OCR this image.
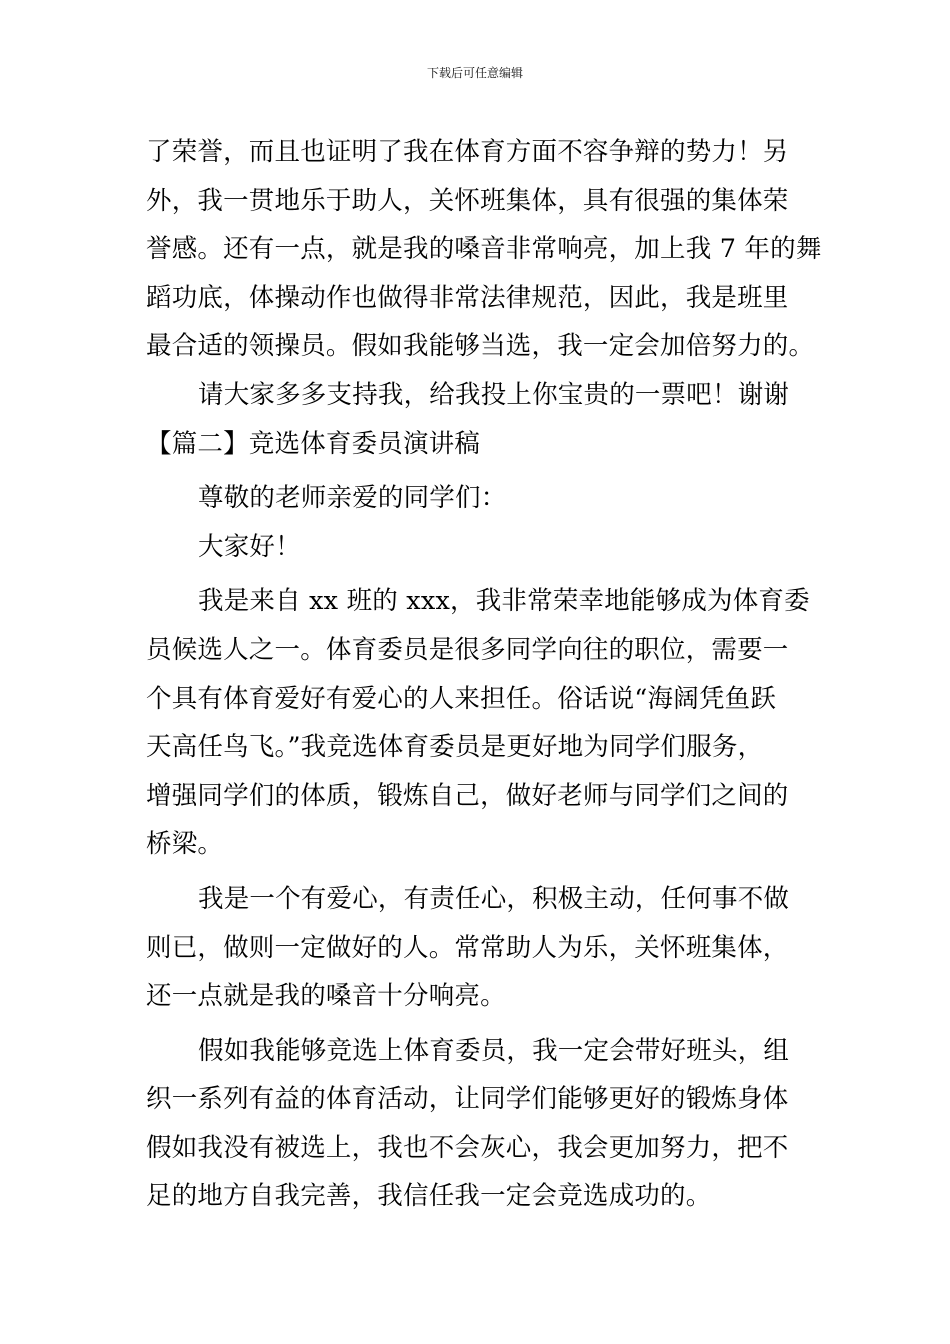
下载后可任意编辑
了荣誉，而且也证明了我在体育方面不容争辩的势力！另
外，我一贯地乐于助人，关怀班集体，具有很强的集体荣
誉感。还有一点，就是我的嗓音非常响亮，加上我 7 年的舞
蹈功底，体操动作也做得非常法律规范，因此，我是班里
最合适的领操员。假如我能够当选，我一定会加倍努力的。
请大家多多支持我，给我投上你宝贵的一票吧！谢谢
【篇二】竞选体育委员演讲稿
尊敬的老师亲爱的同学们：
大家好！
我是来自 xx 班的 xxx，我非常荣幸地能够成为体育委
员候选人之一。体育委员是很多同学向往的职位，需要一
个具有体育爱好有爱心的人来担任。俗话说“海阔凭鱼跃
天高任鸟飞。”我竞选体育委员是更好地为同学们服务，
增强同学们的体质，锻炼自己，做好老师与同学们之间的
桥梁。
我是一个有爱心，有责任心，积极主动，任何事不做
则已，做则一定做好的人。常常助人为乐，关怀班集体，
还一点就是我的嗓音十分响亮。
假如我能够竞选上体育委员，我一定会带好班头，组
织一系列有益的体育活动，让同学们能够更好的锻炼身体
假如我没有被选上，我也不会灰心，我会更加努力，把不
足的地方自我完善，我信任我一定会竞选成功的。
